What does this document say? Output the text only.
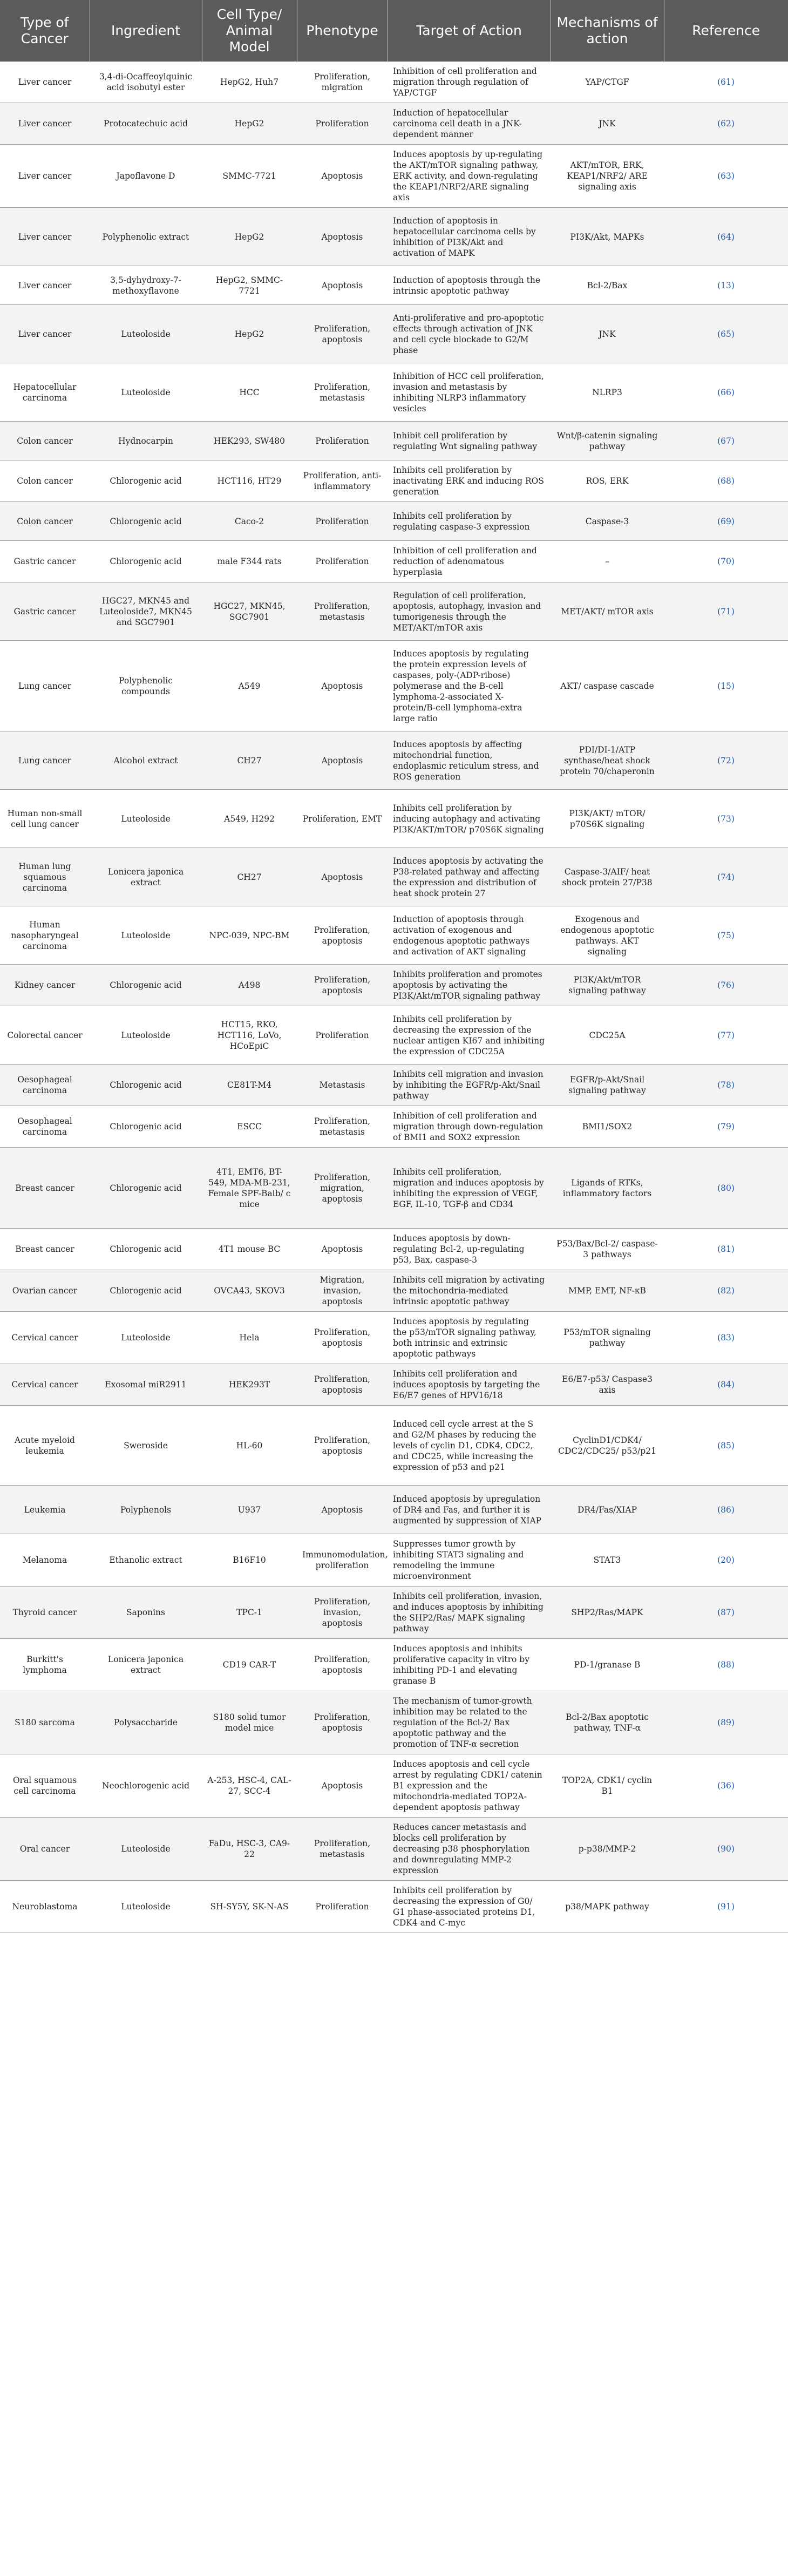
Type of Cancer	Ingredient	Cell Type/ Animal Model	Phenotype	Target of Action	Mechanisms of action	Reference
Liver cancer	3,4-di-Ocaffeoylquinic acid isobutyl ester	HepG2, Huh7	Proliferation, migration	Inhibition of cell proliferation and migration through regulation of YAP/CTGF	YAP/CTGF	(61)
Liver cancer	Protocatechuic acid	HepG2	Proliferation	Induction of hepatocellular carcinoma cell death in a JNK-dependent manner	JNK	(62)
Liver cancer	Japoflavone D	SMMC-7721	Apoptosis	Induces apoptosis by up-regulating the AKT/mTOR signaling pathway, ERK activity, and down-regulating the KEAP1/NRF2/ARE signaling axis	AKT/mTOR, ERK, KEAP1/NRF2/ ARE signaling axis	(63)
Liver cancer	Polyphenolic extract	HepG2	Apoptosis	Induction of apoptosis in hepatocellular carcinoma cells by inhibition of PI3K/Akt and activation of MAPK	PI3K/Akt, MAPKs	(64)
Liver cancer	3,5-dyhydroxy-7-methoxyflavone	HepG2, SMMC-7721	Apoptosis	Induction of apoptosis through the intrinsic apoptotic pathway	Bcl-2/Bax	(13)
Liver cancer	Luteoloside	HepG2	Proliferation, apoptosis	Anti-proliferative and pro-apoptotic effects through activation of JNK and cell cycle blockade to G2/M phase	JNK	(65)
Hepatocellular carcinoma	Luteoloside	HCC	Proliferation, metastasis	Inhibition of HCC cell proliferation, invasion and metastasis by inhibiting NLRP3 inflammatory vesicles	NLRP3	(66)
Colon cancer	Hydnocarpin	HEK293, SW480	Proliferation	Inhibit cell proliferation by regulating Wnt signaling pathway	Wnt/β-catenin signaling pathway	(67)
Colon cancer	Chlorogenic acid	HCT116, HT29	Proliferation, anti-inflammatory	Inhibits cell proliferation by inactivating ERK and inducing ROS generation	ROS, ERK	(68)
Colon cancer	Chlorogenic acid	Caco-2	Proliferation	Inhibits cell proliferation by regulating caspase-3 expression	Caspase-3	(69)
Gastric cancer	Chlorogenic acid	male F344 rats	Proliferation	Inhibition of cell proliferation and reduction of adenomatous hyperplasia	–	(70)
Gastric cancer	HGC27, MKN45 and Luteoloside7, MKN45 and SGC7901	HGC27, MKN45, SGC7901	Proliferation, metastasis	Regulation of cell proliferation, apoptosis, autophagy, invasion and tumorigenesis through the MET/AKT/mTOR axis	MET/AKT/ mTOR axis	(71)
Lung cancer	Polyphenolic compounds	A549	Apoptosis	Induces apoptosis by regulating the protein expression levels of caspases, poly-(ADP-ribose) polymerase and the B-cell lymphoma-2-associated X-protein/B-cell lymphoma-extra large ratio	AKT/ caspase cascade	(15)
Lung cancer	Alcohol extract	CH27	Apoptosis	Induces apoptosis by affecting mitochondrial function, endoplasmic reticulum stress, and ROS generation	PDI/DI-1/ATP synthase/heat shock protein 70/chaperonin	(72)
Human non-small cell lung cancer	Luteoloside	A549, H292	Proliferation, EMT	Inhibits cell proliferation by inducing autophagy and activating PI3K/AKT/mTOR/ p70S6K signaling	PI3K/AKT/ mTOR/ p70S6K signaling	(73)
Human lung squamous carcinoma	Lonicera japonica extract	CH27	Apoptosis	Induces apoptosis by activating the P38-related pathway and affecting the expression and distribution of heat shock protein 27	Caspase-3/AIF/ heat shock protein 27/P38	(74)
Human nasopharyngeal carcinoma	Luteoloside	NPC-039, NPC-BM	Proliferation, apoptosis	Induction of apoptosis through activation of exogenous and endogenous apoptotic pathways and activation of AKT signaling	Exogenous and endogenous apoptotic pathways. AKT signaling	(75)
Kidney cancer	Chlorogenic acid	A498	Proliferation, apoptosis	Inhibits proliferation and promotes apoptosis by activating the PI3K/Akt/mTOR signaling pathway	PI3K/Akt/mTOR signaling pathway	(76)
Colorectal cancer	Luteoloside	HCT15, RKO, HCT116, LoVo, HCoEpiC	Proliferation	Inhibits cell proliferation by decreasing the expression of the nuclear antigen KI67 and inhibiting the expression of CDC25A	CDC25A	(77)
Oesophageal carcinoma	Chlorogenic acid	CE81T-M4	Metastasis	Inhibits cell migration and invasion by inhibiting the EGFR/p-Akt/Snail pathway	EGFR/p-Akt/Snail signaling pathway	(78)
Oesophageal carcinoma	Chlorogenic acid	ESCC	Proliferation, metastasis	Inhibition of cell proliferation and migration through down-regulation of BMI1 and SOX2 expression	BMI1/SOX2	(79)
Breast cancer	Chlorogenic acid	4T1, EMT6, BT-549, MDA-MB-231, Female SPF-Balb/ c mice	Proliferation, migration, apoptosis	Inhibits cell proliferation, migration and induces apoptosis by inhibiting the expression of VEGF, EGF, IL-10, TGF-β and CD34	Ligands of RTKs, inflammatory factors	(80)
Breast cancer	Chlorogenic acid	4T1 mouse BC	Apoptosis	Induces apoptosis by down-regulating Bcl-2, up-regulating p53, Bax, caspase-3	P53/Bax/Bcl-2/ caspase-3 pathways	(81)
Ovarian cancer	Chlorogenic acid	OVCA43, SKOV3	Migration, invasion, apoptosis	Inhibits cell migration by activating the mitochondria-mediated intrinsic apoptotic pathway	MMP, EMT, NF-κB	(82)
Cervical cancer	Luteoloside	Hela	Proliferation, apoptosis	Induces apoptosis by regulating the p53/mTOR signaling pathway, both intrinsic and extrinsic apoptotic pathways	P53/mTOR signaling pathway	(83)
Cervical cancer	Exosomal miR2911	HEK293T	Proliferation, apoptosis	Inhibits cell proliferation and induces apoptosis by targeting the E6/E7 genes of HPV16/18	E6/E7-p53/ Caspase3 axis	(84)
Acute myeloid leukemia	Sweroside	HL-60	Proliferation, apoptosis	Induced cell cycle arrest at the S and G2/M phases by reducing the levels of cyclin D1, CDK4, CDC2, and CDC25, while increasing the expression of p53 and p21	CyclinD1/CDK4/ CDC2/CDC25/ p53/p21	(85)
Leukemia	Polyphenols	U937	Apoptosis	Induced apoptosis by upregulation of DR4 and Fas, and further it is augmented by suppression of XIAP	DR4/Fas/XIAP	(86)
Melanoma	Ethanolic extract	B16F10	Immunomodulation, proliferation	Suppresses tumor growth by inhibiting STAT3 signaling and remodeling the immune microenvironment	STAT3	(20)
Thyroid cancer	Saponins	TPC-1	Proliferation, invasion, apoptosis	Inhibits cell proliferation, invasion, and induces apoptosis by inhibiting the SHP2/Ras/ MAPK signaling pathway	SHP2/Ras/MAPK	(87)
Burkitt's lymphoma	Lonicera japonica extract	CD19 CAR-T	Proliferation, apoptosis	Induces apoptosis and inhibits proliferative capacity in vitro by inhibiting PD-1 and elevating granase B	PD-1/granase B	(88)
S180 sarcoma	Polysaccharide	S180 solid tumor model mice	Proliferation, apoptosis	The mechanism of tumor-growth inhibition may be related to the regulation of the Bcl-2/ Bax apoptotic pathway and the promotion of TNF-α secretion	Bcl-2/Bax apoptotic pathway, TNF-α	(89)
Oral squamous cell carcinoma	Neochlorogenic acid	A-253, HSC-4, CAL-27, SCC-4	Apoptosis	Induces apoptosis and cell cycle arrest by regulating CDK1/ catenin B1 expression and the mitochondria-mediated TOP2A-dependent apoptosis pathway	TOP2A, CDK1/ cyclin B1	(36)
Oral cancer	Luteoloside	FaDu, HSC-3, CA9-22	Proliferation, metastasis	Reduces cancer metastasis and blocks cell proliferation by decreasing p38 phosphorylation and downregulating MMP-2 expression	p-p38/MMP-2	(90)
Neuroblastoma	Luteoloside	SH-SY5Y, SK-N-AS	Proliferation	Inhibits cell proliferation by decreasing the expression of G0/ G1 phase-associated proteins D1, CDK4 and C-myc	p38/MAPK pathway	(91)
